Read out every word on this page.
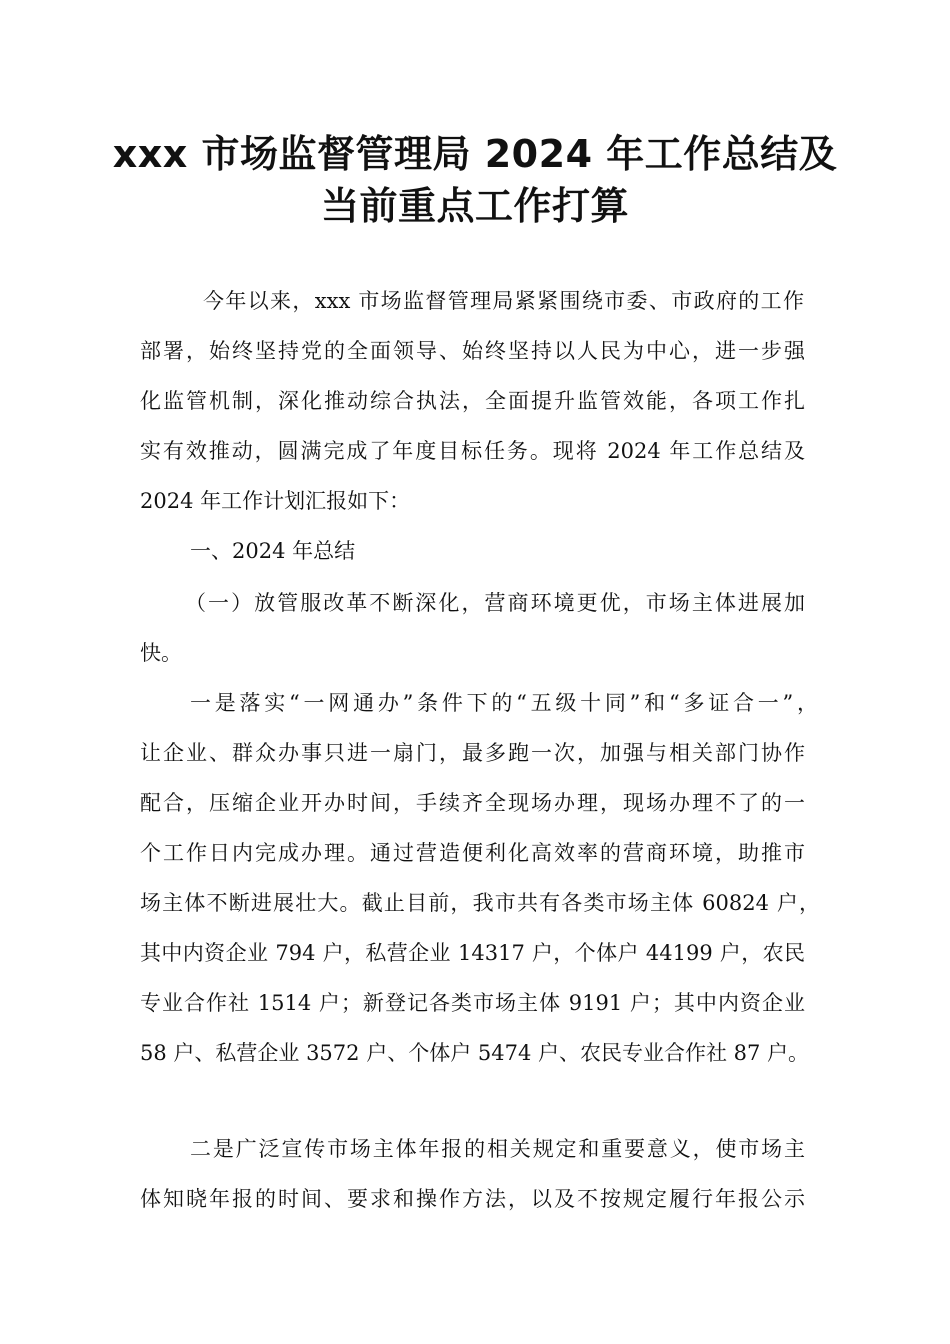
xxx 市场监督管理局 2024 年工作总结及
当前重点工作打算
今年以来，xxx 市场监督管理局紧紧围绕市委、市政府的工作
部署，始终坚持党的全面领导、始终坚持以人民为中心，进一步强
化监管机制，深化推动综合执法，全面提升监管效能，各项工作扎
实有效推动，圆满完成了年度目标任务。现将 2024 年工作总结及
2024 年工作计划汇报如下：
一、2024 年总结
（一）放管服改革不断深化，营商环境更优，市场主体进展加
快。
一是落实“一网通办”条件下的“五级十同”和“多证合一”，
让企业、群众办事只进一扇门，最多跑一次，加强与相关部门协作
配合，压缩企业开办时间，手续齐全现场办理，现场办理不了的一
个工作日内完成办理。通过营造便利化高效率的营商环境，助推市
场主体不断进展壮大。截止目前，我市共有各类市场主体 60824 户，
其中内资企业 794 户，私营企业 14317 户，个体户 44199 户，农民
专业合作社 1514 户；新登记各类市场主体 9191 户；其中内资企业
58 户、私营企业 3572 户、个体户 5474 户、农民专业合作社 87 户。
二是广泛宣传市场主体年报的相关规定和重要意义，使市场主
体知晓年报的时间、要求和操作方法，以及不按规定履行年报公示
